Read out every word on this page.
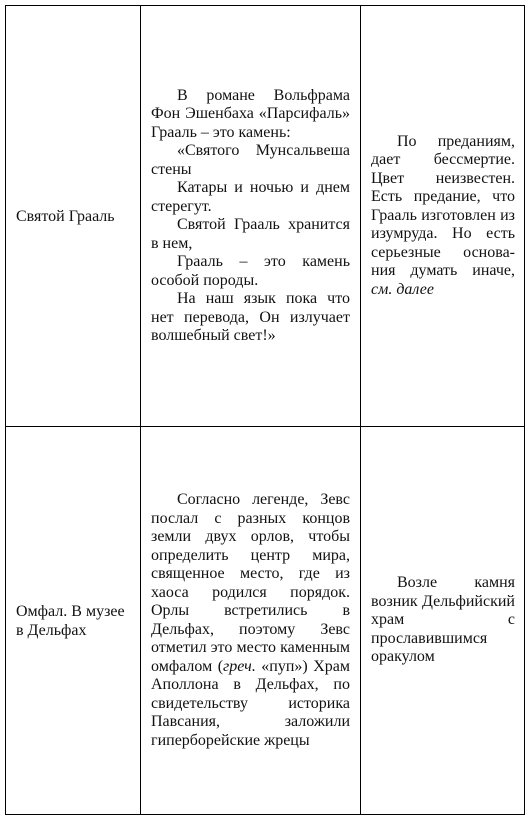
Святой Грааль

В романе Вольфрама Фон Эшенбаха «Парсифаль» Грааль – это камень:

«Святого Мунсальвеша стены

Катары и ночью и днем стерегут.

Святой Грааль хранится в нем,

Грааль – это камень особой породы.

На наш язык пока что нет перевода, Он излучает волшебный свет!»

По преданиям, дает бессмертие. Цвет неизвестен. Есть предание, что Грааль изготовлен из изумруда. Но есть серьезные основания думать иначе, см. далее

Омфал. В музее в Дельфах

Согласно легенде, Зевс послал с разных концов земли двух орлов, чтобы определить центр мира, священное место, где из хаоса родился порядок. Орлы встретились в Дельфах, поэтому Зевс отметил это место каменным омфалом (греч. «пуп») Храм Аполлона в Дельфах, по свидетельству историка Павсания, заложили гиперборейские жрецы

Возле камня возник Дельфийский храм с прославившимся оракулом
